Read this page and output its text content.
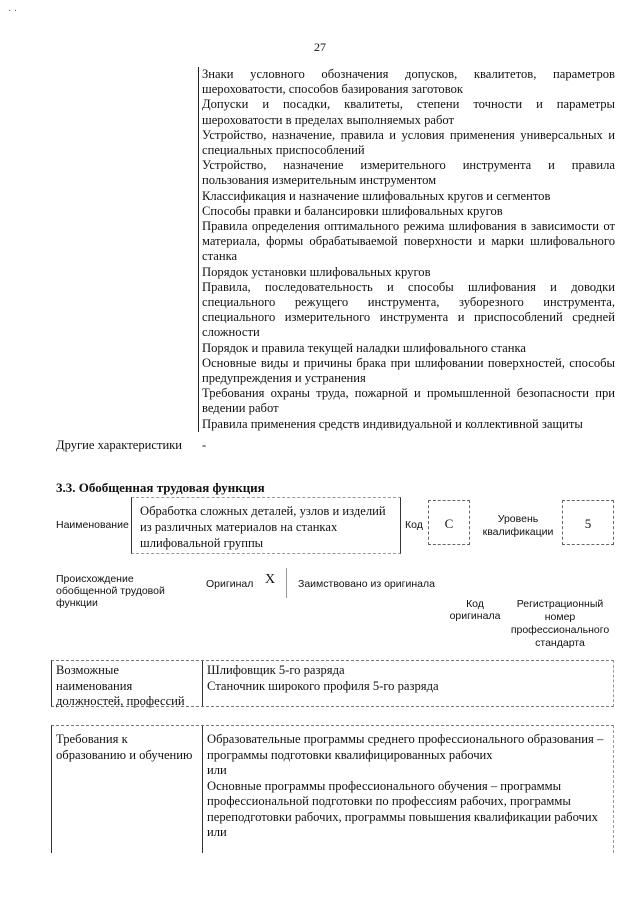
· ·
27

Знаки условного обозначения допусков, квалитетов, параметров шероховатости, способов базирования заготовок

Допуски и посадки, квалитеты, степени точности и параметры шероховатости в пределах выполняемых работ

Устройство, назначение, правила и условия применения универсальных и специальных приспособлений

Устройство, назначение измерительного инструмента и правила пользования измерительным инструментом

Классификация и назначение шлифовальных кругов и сегментов

Способы правки и балансировки шлифовальных кругов

Правила определения оптимального режима шлифования в зависимости от материала, формы обрабатываемой поверхности и марки шлифовального станка

Порядок установки шлифовальных кругов

Правила, последовательность и способы шлифования и доводки специального режущего инструмента, зуборезного инструмента, специального измерительного инструмента и приспособлений средней сложности

Порядок и правила текущей наладки шлифовального станка

Основные виды и причины брака при шлифовании поверхностей, способы предупреждения и устранения

Требования охраны труда, пожарной и промышленной безопасности при ведении работ

Правила применения средств индивидуальной и коллективной защиты

Другие характеристики -
3.3. Обобщенная трудовая функция
Наименование
Обработка сложных деталей, узлов и изделий из различных материалов на станках шлифовальной группы
Код	C	Уровень квалификации
5
Происхождение обобщенной трудовой функции
Оригинал X Заимствовано из оригинала
Код оригинала
Регистрационный номер профессионального стандарта
Возможные наименования должностей, профессий
Шлифовщик 5-го разряда
Станочник широкого профиля 5-го разряда
Требования к образованию и обучению
Образовательные программы среднего профессионального образования – программы подготовки квалифицированных рабочих
или
Основные программы профессионального обучения – программы профессиональной подготовки по профессиям рабочих, программы переподготовки рабочих, программы повышения квалификации рабочих
или
